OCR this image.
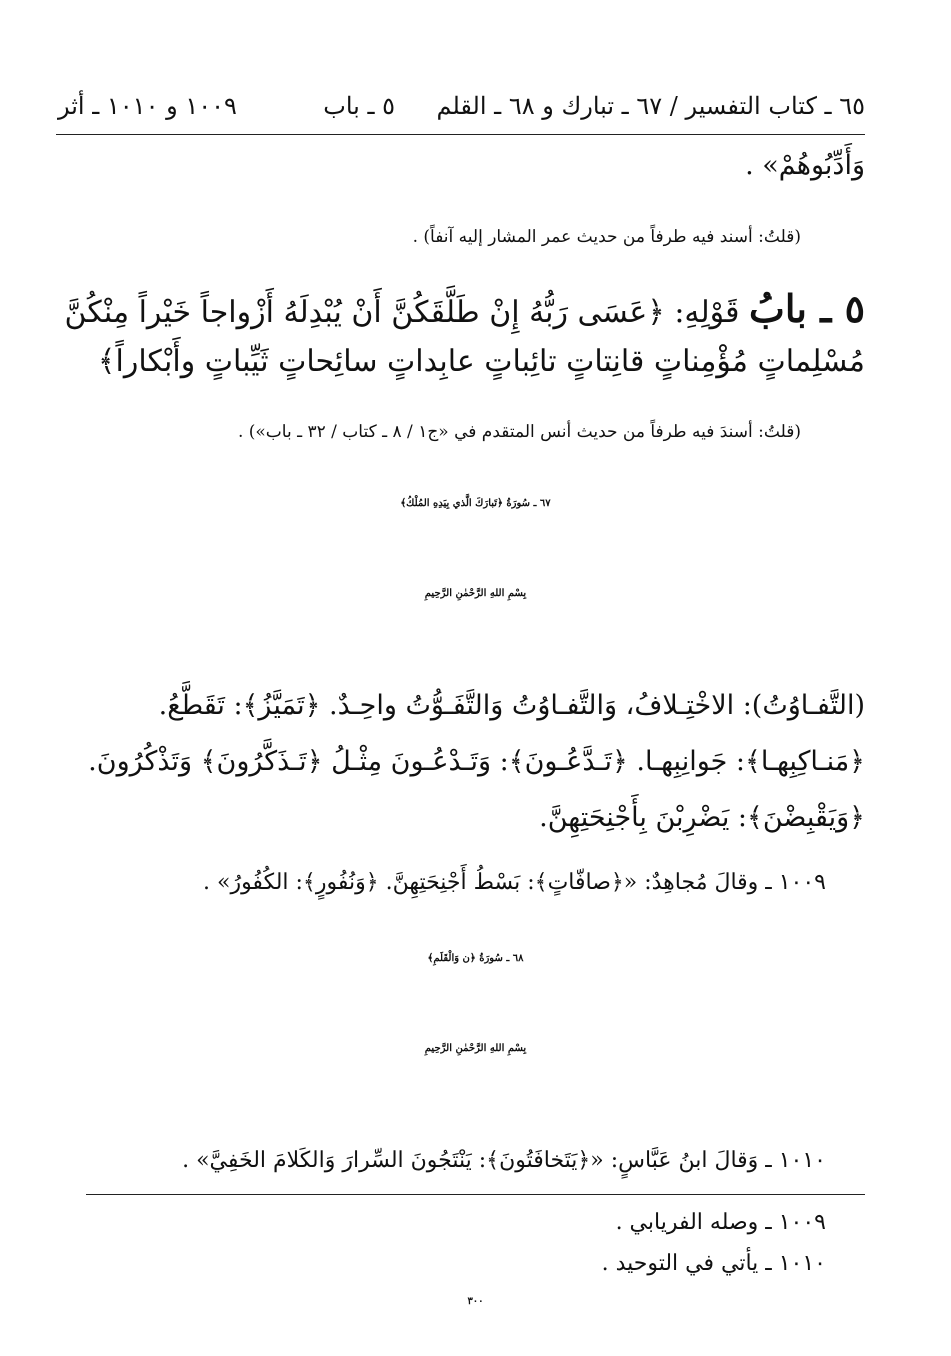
٦٥ ـ كتاب التفسير / ٦٧ ـ تبارك و ٦٨ ـ القلم
٥ ـ باب
١٠٠٩ و ١٠١٠ ـ أثر
وَأَدِّبُوهُمْ» .
(قلتُ: أسند فيه طرفاً من حديث عمر المشار إليه آنفاً) .
٥ ـ بابُ قَوْلِهِ: ﴿عَسَى رَبُّهُ إِنْ طَلَّقَكُنَّ أَنْ يُبْدِلَهُ أَزْواجاً خَيْراً مِنْكُنَّ
مُسْلِماتٍ مُؤْمِناتٍ قانِتاتٍ تائِباتٍ عابِداتٍ سائِحاتٍ ثَيِّباتٍ وأَبْكاراً﴾
(قلتُ: أسندَ فيه طرفاً من حديث أنس المتقدم في «ج١ / ٨ ـ كتاب / ٣٢ ـ باب») .
٦٧ ـ سُورَةُ ﴿تَبارَكَ الَّذي بِيَدِهِ المُلْكُ﴾
بِسْمِ اللهِ الرَّحْمٰنِ الرَّحِيمِ
(التَّفـاوُتُ): الاخْتِـلافُ، وَالتَّفـاوُتُ وَالتَّفَـوُّتُ واحِـدٌ. ﴿تَمَيَّزُ﴾: تَقَطَّعُ.
﴿مَنـاكِبِهـا﴾: جَوانِبِهـا. ﴿تَـدَّعُـونَ﴾: وَتَـدْعُـونَ مِثْـلُ ﴿تَـذَكَّرُونَ﴾ وَتَذْكُرُونَ.
﴿وَيَقْبِضْنَ﴾: يَضْرِبْنَ بِأَجْنِحَتِهِنَّ.
١٠٠٩ ـ وقالَ مُجاهِدٌ: «﴿صافّاتٍ﴾: بَسْطُ أَجْنِحَتِهِنَّ. ﴿وَنُفُورٍ﴾: الكُفُورُ» .
٦٨ ـ سُورَةُ ﴿ن وَالْقَلَمِ﴾
بِسْمِ اللهِ الرَّحْمٰنِ الرَّحِيمِ
١٠١٠ ـ وَقالَ ابنُ عَبَّاسٍ: «﴿يَتَخافَتُونَ﴾: يَنْتَجُونَ السِّرارَ وَالكَلامَ الخَفِيَّ» .
١٠٠٩ ـ وصله الفريابي .
١٠١٠ ـ يأتي في التوحيد .
٣٠٠
